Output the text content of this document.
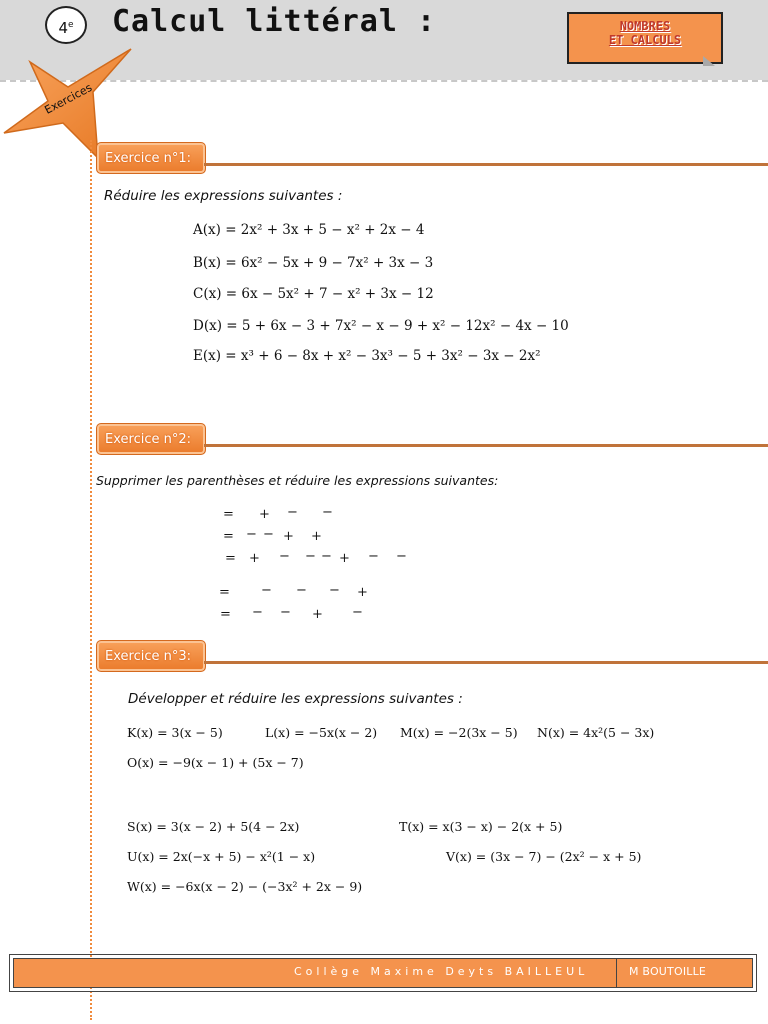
4e	Calcul littéral :	NOMBRES
ET CALCULS
Exercices
Exercice n°1:
Réduire les expressions suivantes :
A(x) = 2x² + 3x + 5 − x² + 2x − 4
B(x) = 6x² − 5x + 9 − 7x² + 3x − 3
C(x) = 6x − 5x² + 7 − x² + 3x − 12
D(x) = 5 + 6x − 3 + 7x² − x − 9 + x² − 12x² − 4x − 10
E(x) = x³ + 6 − 8x + x² − 3x³ − 5 + 3x² − 3x − 2x²
Exercice n°2:
Supprimer les parenthèses et réduire les expressions suivantes:
= + − −
= − − + +
= + − − − + − −
= − − − +
= − − + −
Exercice n°3:
Développer et réduire les expressions suivantes :
K(x) = 3(x − 5)	L(x) = −5x(x − 2) M(x) = −2(3x − 5) N(x) = 4x²(5 − 3x)
O(x) = −9(x − 1) + (5x − 7)
S(x) = 3(x − 2) + 5(4 − 2x)	T(x) = x(3 − x) − 2(x + 5)
U(x) = 2x(−x + 5) − x²(1 − x)	V(x) = (3x − 7) − (2x² − x + 5)
W(x) = −6x(x − 2) − (−3x² + 2x − 9)
Collège Maxime Deyts BAILLEUL	M BOUTOILLE
